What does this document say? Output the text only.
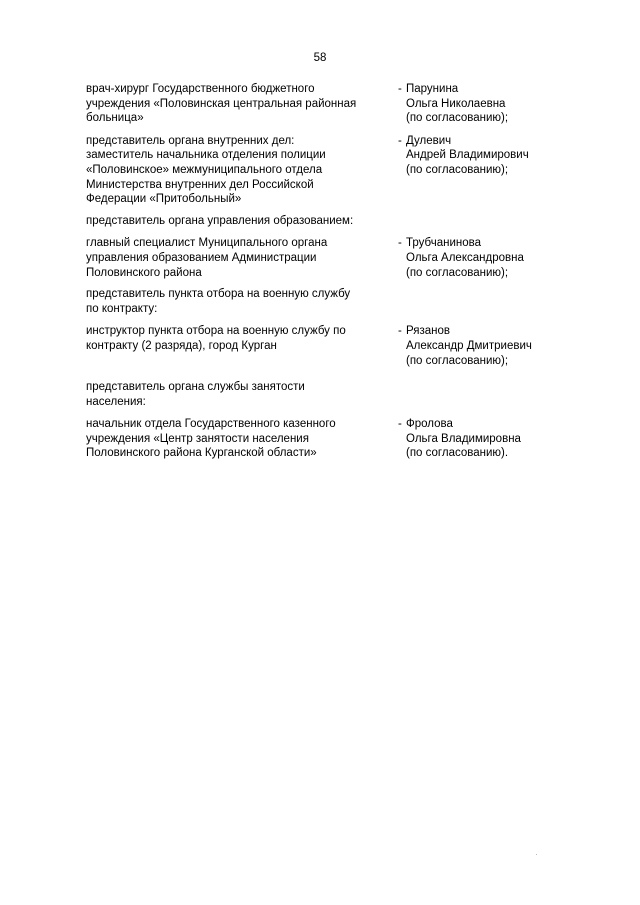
58
врач-хирург Государственного бюджетного
учреждения «Половинская центральная районная
больница»
- Парунина
Ольга Николаевна
(по согласованию);
представитель органа внутренних дел:
заместитель начальника отделения полиции
«Половинское» межмуниципального отдела
Министерства внутренних дел Российской
Федерации «Притобольный»
- Дулевич
Андрей Владимирович
(по согласованию);
представитель органа управления образованием:
главный специалист Муниципального органа
управления образованием Администрации
Половинского района
- Трубчанинова
Ольга Александровна
(по согласованию);
представитель пункта отбора на военную службу
по контракту:
инструктор пункта отбора на военную службу по
контракту (2 разряда), город Курган
- Рязанов
Александр Дмитриевич
(по согласованию);
представитель органа службы занятости
населения:
начальник отдела Государственного казенного
учреждения «Центр занятости населения
Половинского района Курганской области»
- Фролова
Ольга Владимировна
(по согласованию).
